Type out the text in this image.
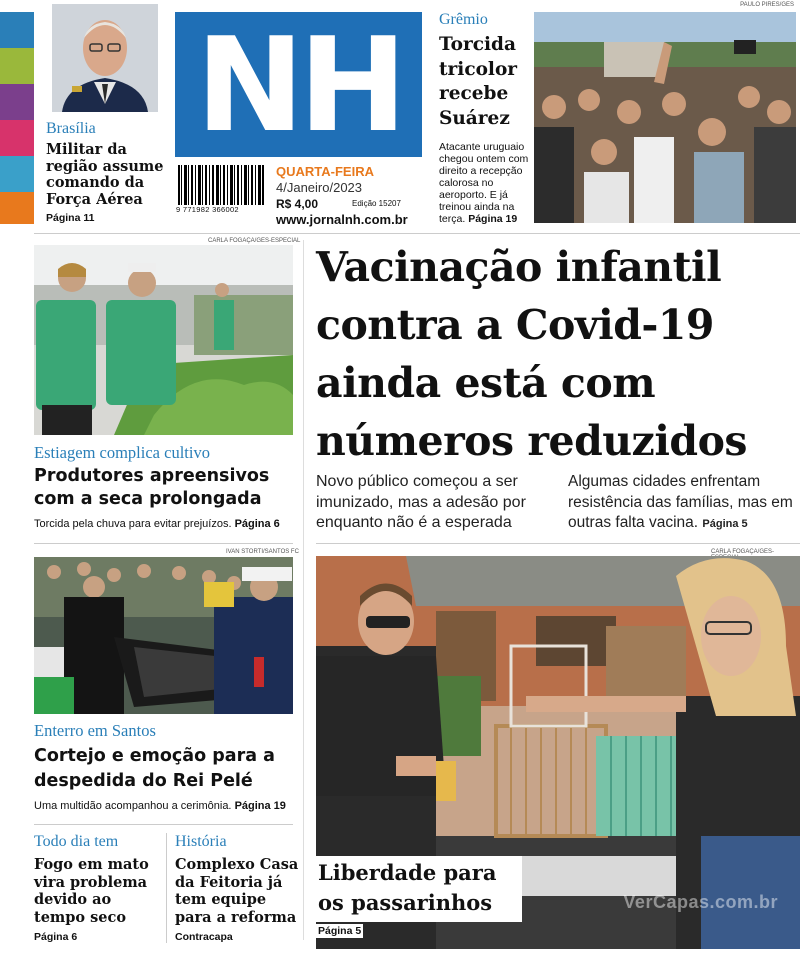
Brasília
Militar da região assume comando da Força Aérea
Página 11
NH
9 771982 366002
QUARTA-FEIRA
4/Janeiro/2023
R$ 4,00	Edição 15207
www.jornalnh.com.br
Grêmio
Torcida tricolor recebe Suárez
Atacante uruguaio chegou ontem com direito a recepção calorosa no aeroporto. E já treinou ainda na terça. Página 19
PAULO PIRES/GES
CARLA FOGAÇA/GES-ESPECIAL
Estiagem complica cultivo
Produtores apreensivos com a seca prolongada
Torcida pela chuva para evitar prejuízos. Página 6
IVAN STORTI/SANTOS FC
Enterro em Santos
Cortejo e emoção para a despedida do Rei Pelé
Uma multidão acompanhou a cerimônia. Página 19
Todo dia tem
Fogo em mato vira problema devido ao tempo seco
Página 6
História
Complexo Casa da Feitoria já tem equipe para a reforma
Contracapa
Vacinação infantil contra a Covid-19 ainda está com números reduzidos
Novo público começou a ser imunizado, mas a adesão por enquanto não é a esperada
Algumas cidades enfrentam resistência das famílias, mas em outras falta vacina. Página 5
CARLA FOGAÇA/GES-
Liberdade para os passarinhos
Página 5
VerCapas.com.br
